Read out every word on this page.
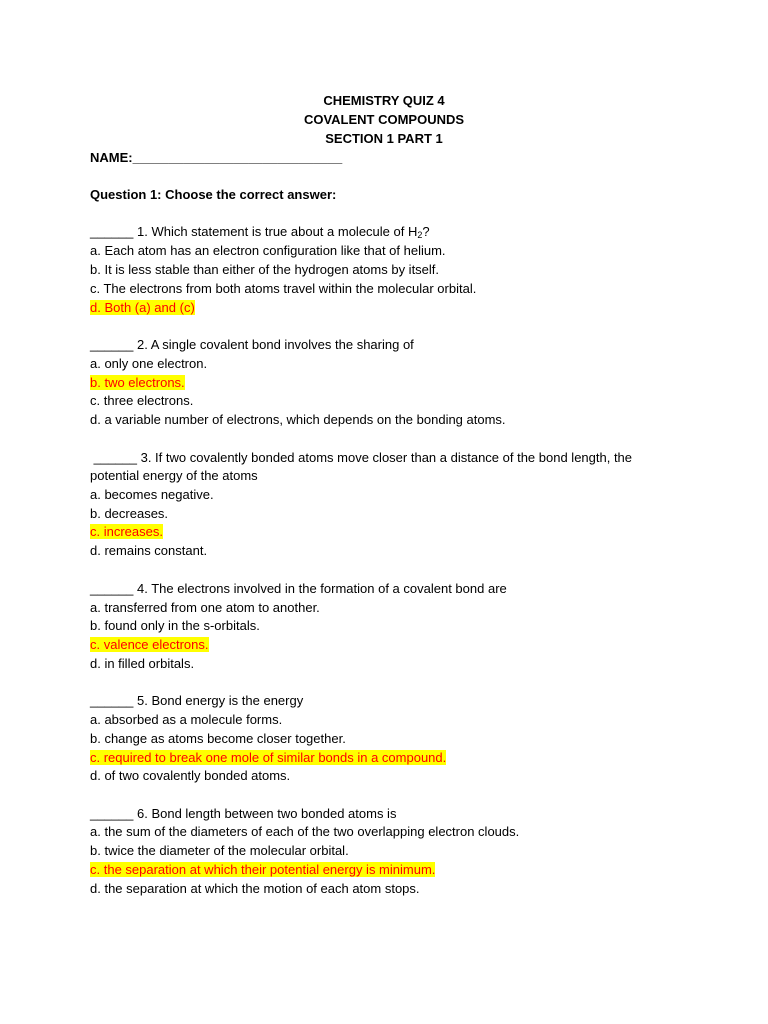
CHEMISTRY QUIZ 4
COVALENT COMPOUNDS
SECTION 1 PART 1
NAME:_____________________________
Question 1: Choose the correct answer:
______ 1. Which statement is true about a molecule of $H_2$?
a. Each atom has an electron configuration like that of helium.
b. It is less stable than either of the hydrogen atoms by itself.
c. The electrons from both atoms travel within the molecular orbital.
d. Both (a) and (c)
______ 2. A single covalent bond involves the sharing of
a. only one electron.
b. two electrons.
c. three electrons.
d. a variable number of electrons, which depends on the bonding atoms.
______ 3. If two covalently bonded atoms move closer than a distance of the bond length, the
potential energy of the atoms
a. becomes negative.
b. decreases.
c. increases.
d. remains constant.
______ 4. The electrons involved in the formation of a covalent bond are
a. transferred from one atom to another.
b. found only in the s-orbitals.
c. valence electrons.
d. in filled orbitals.
______ 5. Bond energy is the energy
a. absorbed as a molecule forms.
b. change as atoms become closer together.
c. required to break one mole of similar bonds in a compound.
d. of two covalently bonded atoms.
______ 6. Bond length between two bonded atoms is
a. the sum of the diameters of each of the two overlapping electron clouds.
b. twice the diameter of the molecular orbital.
c. the separation at which their potential energy is minimum.
d. the separation at which the motion of each atom stops.
